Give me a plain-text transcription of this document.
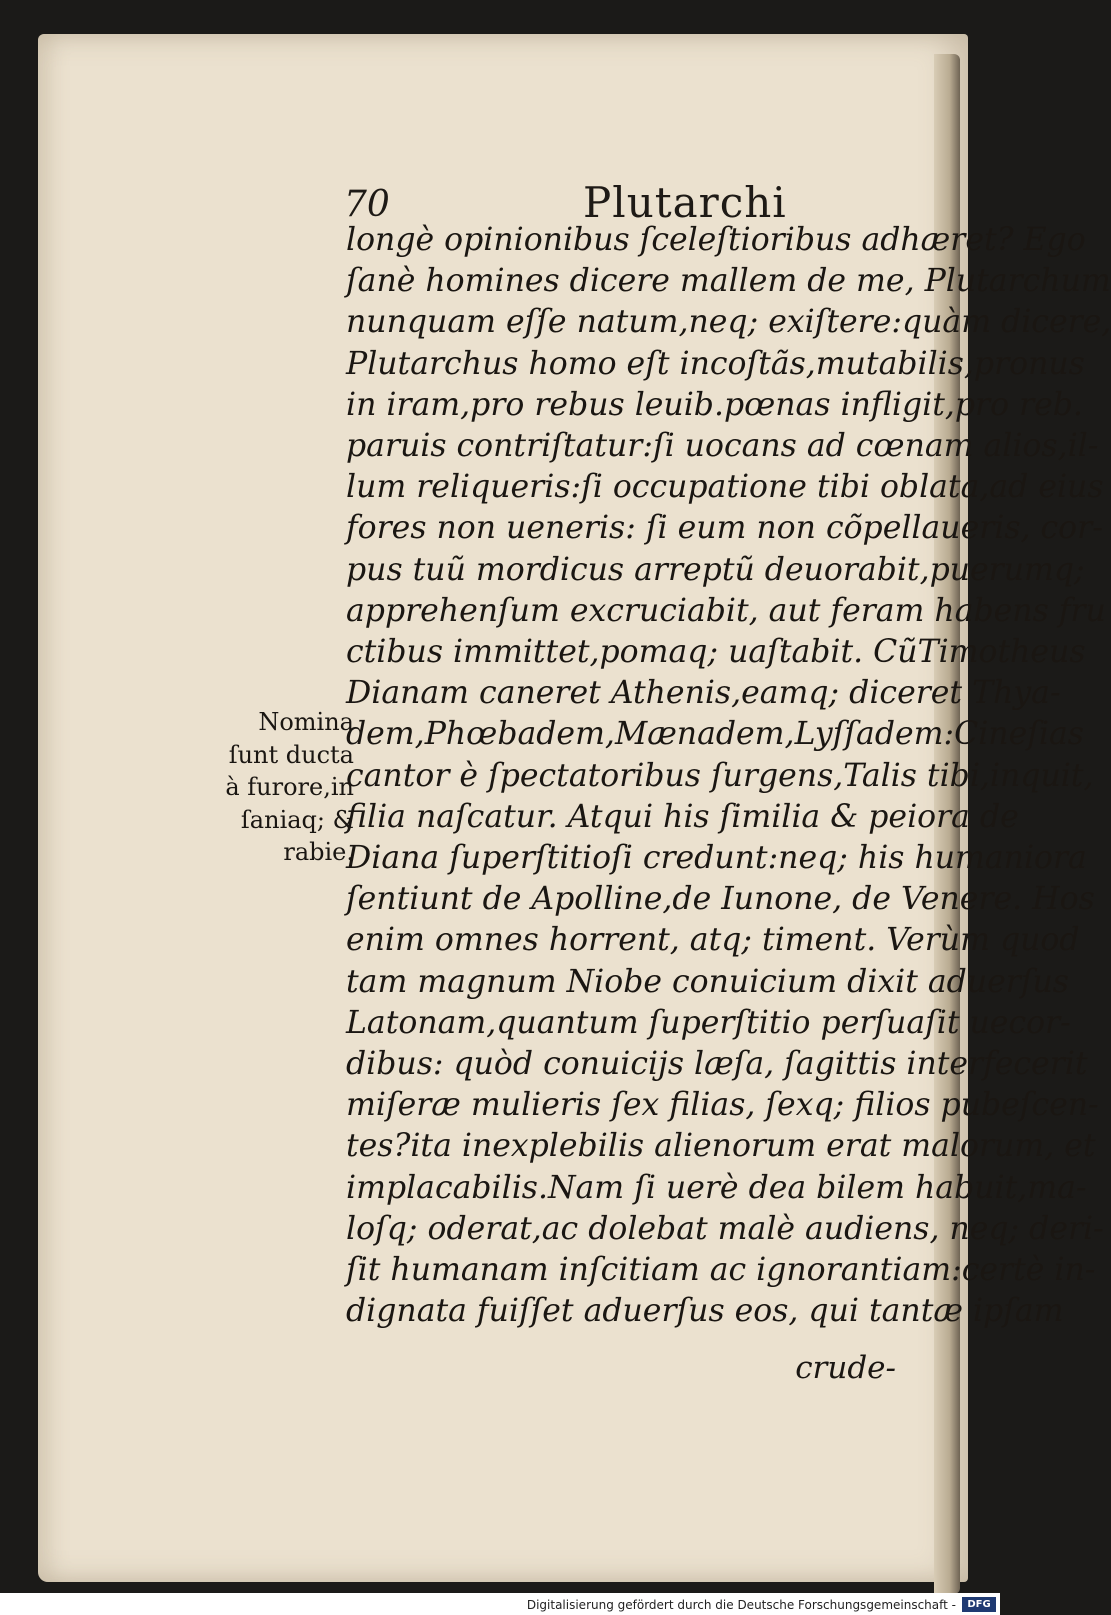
70	Plutarchi
Nomina
ſunt ducta
à furore,in
ſaniaq; &
rabie.
longè opinionibus ſceleſtioribus adhæret? Ego
ſanè homines dicere mallem de me, Plutarchum
nunquam eſſe natum,neq; exiſtere:quàm dicere,
Plutarchus homo eſt incoſtãs,mutabilis,pronus
in iram,pro rebus leuib.pœnas infligit,pro reb.
paruis contriſtatur:ſi uocans ad cœnam alios,il-
lum reliqueris:ſi occupatione tibi oblata,ad eius
fores non ueneris: ſi eum non cõpellaueris, cor-
pus tuũ mordicus arreptũ deuorabit,puerumq;
apprehenſum excruciabit, aut feram habens fru
ctibus immittet,pomaq; uaſtabit. CũTimotheus
Dianam caneret Athenis,eamq; diceret Thya-
dem,Phœbadem,Mænadem,Lyſſadem:Cineſias
cantor è ſpectatoribus ſurgens,Talis tibi,inquit,
filia naſcatur. Atqui his ſimilia & peiora de
Diana ſuperſtitioſi credunt:neq; his humaniora
ſentiunt de Apolline,de Iunone, de Venere. Hos
enim omnes horrent, atq; timent. Verùm quod
tam magnum Niobe conuicium dixit aduerſus
Latonam,quantum ſuperſtitio perſuaſit uecor-
dibus: quòd conuicijs læſa, ſagittis interfecerit
miſeræ mulieris ſex filias, ſexq; filios pubeſcen-
tes?ita inexplebilis alienorum erat malorum, et
implacabilis.Nam ſi uerè dea bilem habuit,ma-
loſq; oderat,ac dolebat malè audiens, neq; deri-
ſit humanam inſcitiam ac ignorantiam:certè in-
dignata fuiſſet aduerſus eos, qui tantæ ipſam
crude-
Digitalisierung gefördert durch die Deutsche Forschungsgemeinschaft -	DFG
